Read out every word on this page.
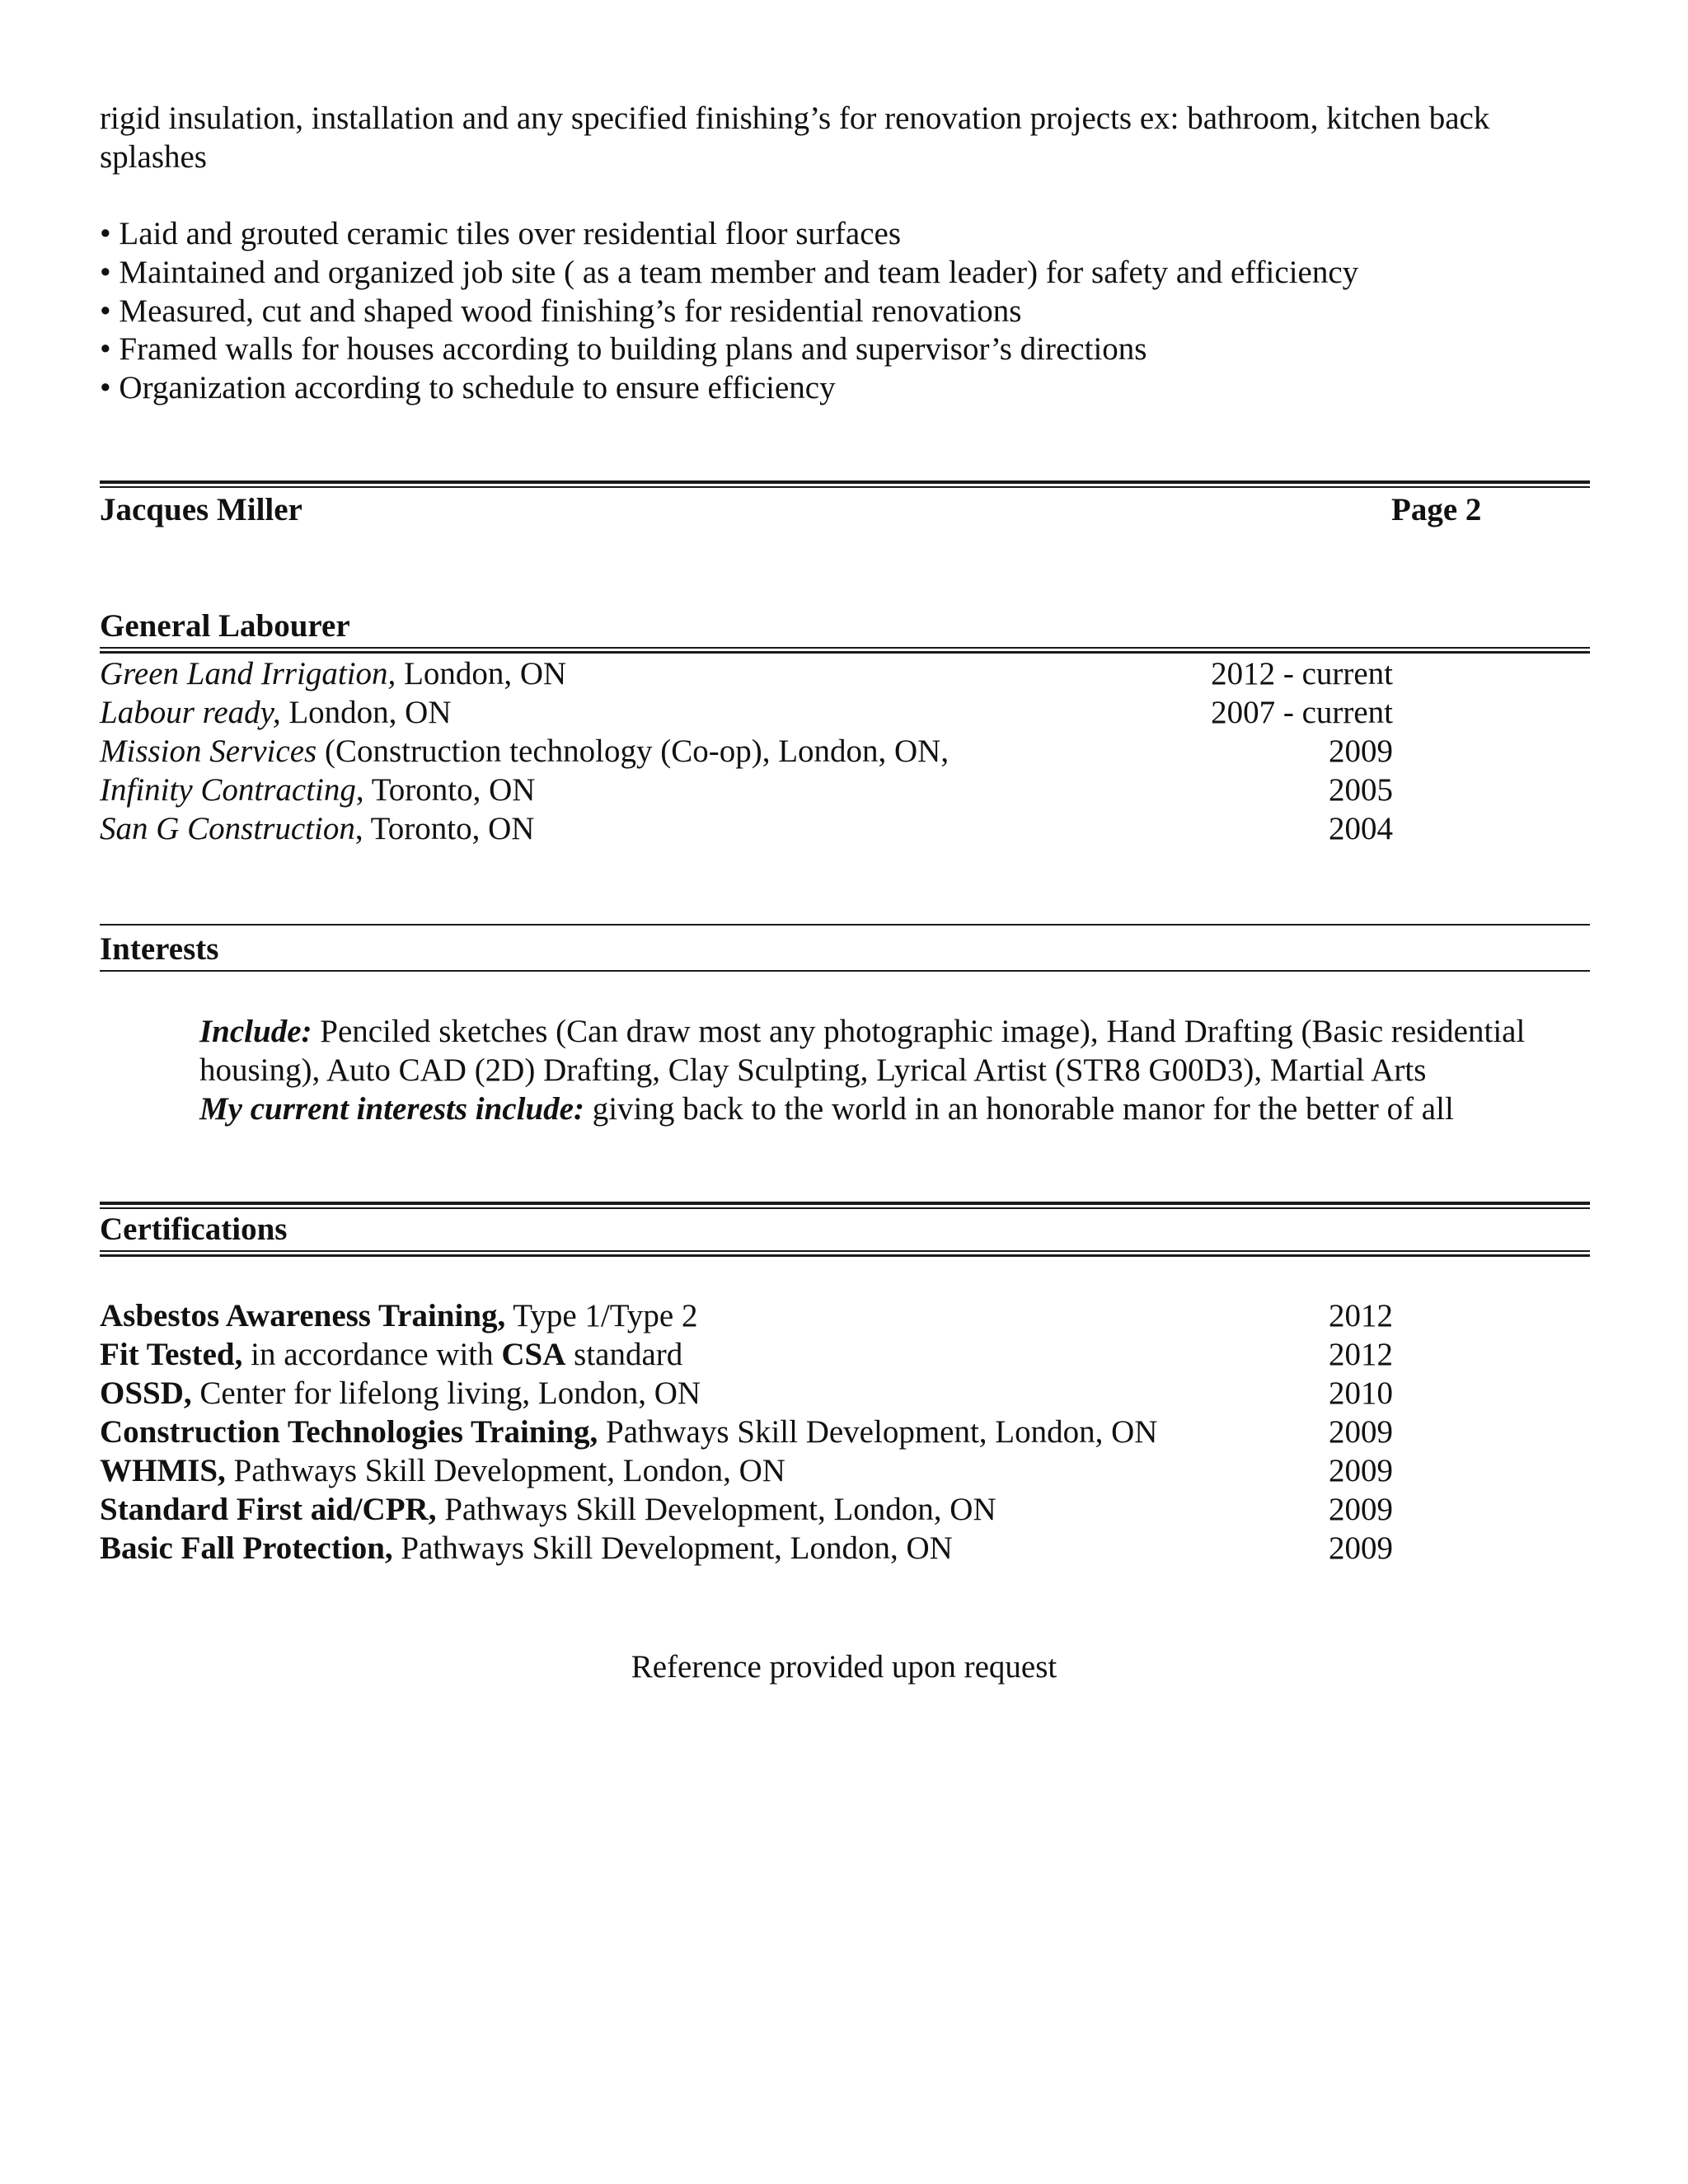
rigid insulation, installation and any specified finishing’s for renovation projects ex: bathroom, kitchen back splashes
• Laid and grouted ceramic tiles over residential floor surfaces
• Maintained and organized job site ( as a team member and team leader) for safety and efficiency
• Measured, cut and shaped wood finishing’s for residential renovations
• Framed walls for houses according to building plans and supervisor’s directions
• Organization according to schedule to ensure efficiency
Jacques Miller	Page 2
General Labourer
Green Land Irrigation, London, ON	2012 - current
Labour ready, London, ON	2007 - current
Mission Services (Construction technology (Co-op), London, ON,	2009
Infinity Contracting, Toronto, ON	2005
San G Construction, Toronto, ON	2004
Interests
Include: Penciled sketches (Can draw most any photographic image), Hand Drafting (Basic residential housing), Auto CAD (2D) Drafting, Clay Sculpting, Lyrical Artist (STR8 G00D3), Martial Arts
My current interests include: giving back to the world in an honorable manor for the better of all
Certifications
Asbestos Awareness Training, Type 1/Type 2	2012
Fit Tested, in accordance with CSA standard	2012
OSSD, Center for lifelong living, London, ON	2010
Construction Technologies Training, Pathways Skill Development, London, ON	2009
WHMIS, Pathways Skill Development, London, ON	2009
Standard First aid/CPR, Pathways Skill Development, London, ON	2009
Basic Fall Protection, Pathways Skill Development, London, ON	2009
Reference provided upon request
